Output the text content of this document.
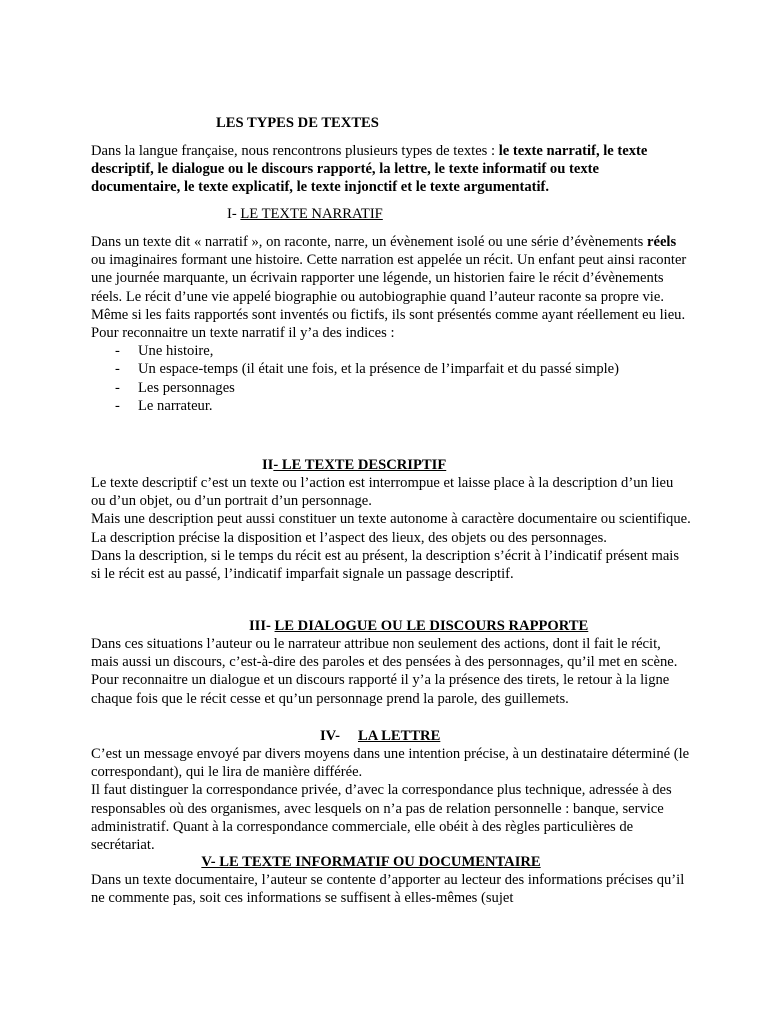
LES TYPES DE TEXTES

Dans la langue française, nous rencontrons plusieurs types de textes : le texte narratif, le texte descriptif, le dialogue ou le discours rapporté, la lettre, le texte informatif ou texte documentaire, le texte explicatif, le texte injonctif et le texte argumentatif.

I- LE TEXTE NARRATIF

Dans un texte dit « narratif », on raconte, narre, un évènement isolé ou une série d’évènements réels ou imaginaires formant une histoire. Cette narration est appelée un récit. Un enfant peut ainsi raconter une journée marquante, un écrivain rapporter une légende, un historien faire le récit d’évènements réels. Le récit d’une vie appelé biographie ou autobiographie quand l’auteur raconte sa propre vie.

Même si les faits rapportés sont inventés ou fictifs, ils sont présentés comme ayant réellement eu lieu.

Pour reconnaitre un texte narratif il y’a des indices :

- Une histoire,
- Un espace-temps (il était une fois, et la présence de l’imparfait et du passé simple)
- Les personnages
- Le narrateur.
II- LE TEXTE DESCRIPTIF

Le texte descriptif c’est un texte ou l’action est interrompue et laisse place à la description d’un lieu ou d’un objet, ou d’un portrait d’un personnage.

Mais une description peut aussi constituer un texte autonome à caractère documentaire ou scientifique.

La description précise la disposition et l’aspect des lieux, des objets ou des personnages.

Dans la description, si le temps du récit est au présent, la description s’écrit à l’indicatif présent mais si le récit est au passé, l’indicatif imparfait signale un passage descriptif.

III- LE DIALOGUE OU LE DISCOURS RAPPORTE

Dans ces situations l’auteur ou le narrateur attribue non seulement des actions, dont il fait le récit, mais aussi un discours, c’est-à-dire des paroles et des pensées à des personnages, qu’il met en scène. Pour reconnaitre un dialogue et un discours rapporté il y’a la présence des tirets, le retour à la ligne chaque fois que le récit cesse et qu’un personnage prend la parole, des guillemets.

IV- LA LETTRE

C’est un message envoyé par divers moyens dans une intention précise, à un destinataire déterminé (le correspondant), qui le lira de manière différée.

Il faut distinguer la correspondance privée, d’avec la correspondance plus technique, adressée à des responsables où des organismes, avec lesquels on n’a pas de relation personnelle : banque, service administratif. Quant à la correspondance commerciale, elle obéit à des règles particulières de secrétariat.

V- LE TEXTE INFORMATIF OU DOCUMENTAIRE

Dans un texte documentaire, l’auteur se contente d’apporter au lecteur des informations précises qu’il ne commente pas, soit ces informations se suffisent à elles-mêmes (sujet
